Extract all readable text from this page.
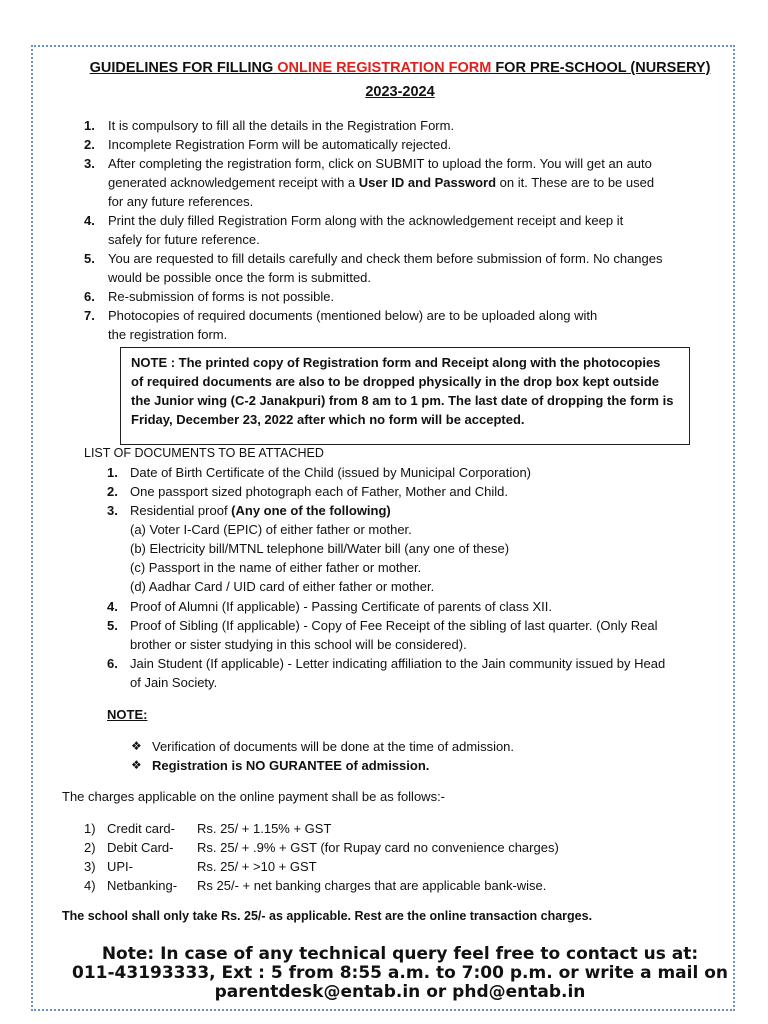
GUIDELINES FOR FILLING ONLINE REGISTRATION FORM FOR PRE-SCHOOL (NURSERY)
2023-2024
1. It is compulsory to fill all the details in the Registration Form.
2. Incomplete Registration Form will be automatically rejected.
3. After completing the registration form, click on SUBMIT to upload the form. You will get an auto
generated acknowledgement receipt with a User ID and Password on it. These are to be used
for any future references.
4. Print the duly filled Registration Form along with the acknowledgement receipt and keep it
safely for future reference.
5. You are requested to fill details carefully and check them before submission of form. No changes
would be possible once the form is submitted.
6. Re-submission of forms is not possible.
7. Photocopies of required documents (mentioned below) are to be uploaded along with
the registration form.
NOTE : The printed copy of Registration form and Receipt along with the photocopies
of required documents are also to be dropped physically in the drop box kept outside
the Junior wing (C-2 Janakpuri) from 8 am to 1 pm. The last date of dropping the form is
Friday, December 23, 2022 after which no form will be accepted.
LIST OF DOCUMENTS TO BE ATTACHED
1. Date of Birth Certificate of the Child (issued by Municipal Corporation)
2. One passport sized photograph each of Father, Mother and Child.
3. Residential proof (Any one of the following)
(a) Voter I-Card (EPIC) of either father or mother.
(b) Electricity bill/MTNL telephone bill/Water bill (any one of these)
(c) Passport in the name of either father or mother.
(d) Aadhar Card / UID card of either father or mother.
4. Proof of Alumni (If applicable) - Passing Certificate of parents of class XII.
5. Proof of Sibling (If applicable) - Copy of Fee Receipt of the sibling of last quarter. (Only Real
brother or sister studying in this school will be considered).
6. Jain Student (If applicable) - Letter indicating affiliation to the Jain community issued by Head
of Jain Society.
NOTE:
❖ Verification of documents will be done at the time of admission.
❖ Registration is NO GURANTEE of admission.
The charges applicable on the online payment shall be as follows:-
1) Credit card- Rs. 25/ + 1.15% + GST
2) Debit Card- Rs. 25/ + .9% + GST (for Rupay card no convenience charges)
3) UPI-	Rs. 25/ + >10 + GST
4) Netbanking- Rs 25/- + net banking charges that are applicable bank-wise.
The school shall only take Rs. 25/- as applicable. Rest are the online transaction charges.
Note: In case of any technical query feel free to contact us at:
011-43193333, Ext : 5 from 8:55 a.m. to 7:00 p.m. or write a mail on
parentdesk@entab.in or phd@entab.in
